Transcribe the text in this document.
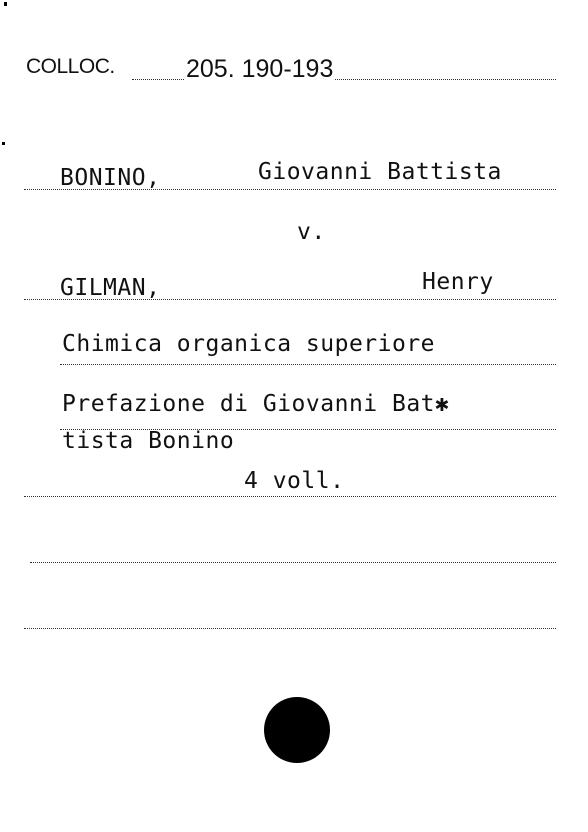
COLLOC.	205. 190-193
BONINO,	Giovanni Battista
v.
GILMAN,	Henry
Chimica organica superiore
Prefazione di Giovanni Bat✱
tista Bonino
4 voll.
